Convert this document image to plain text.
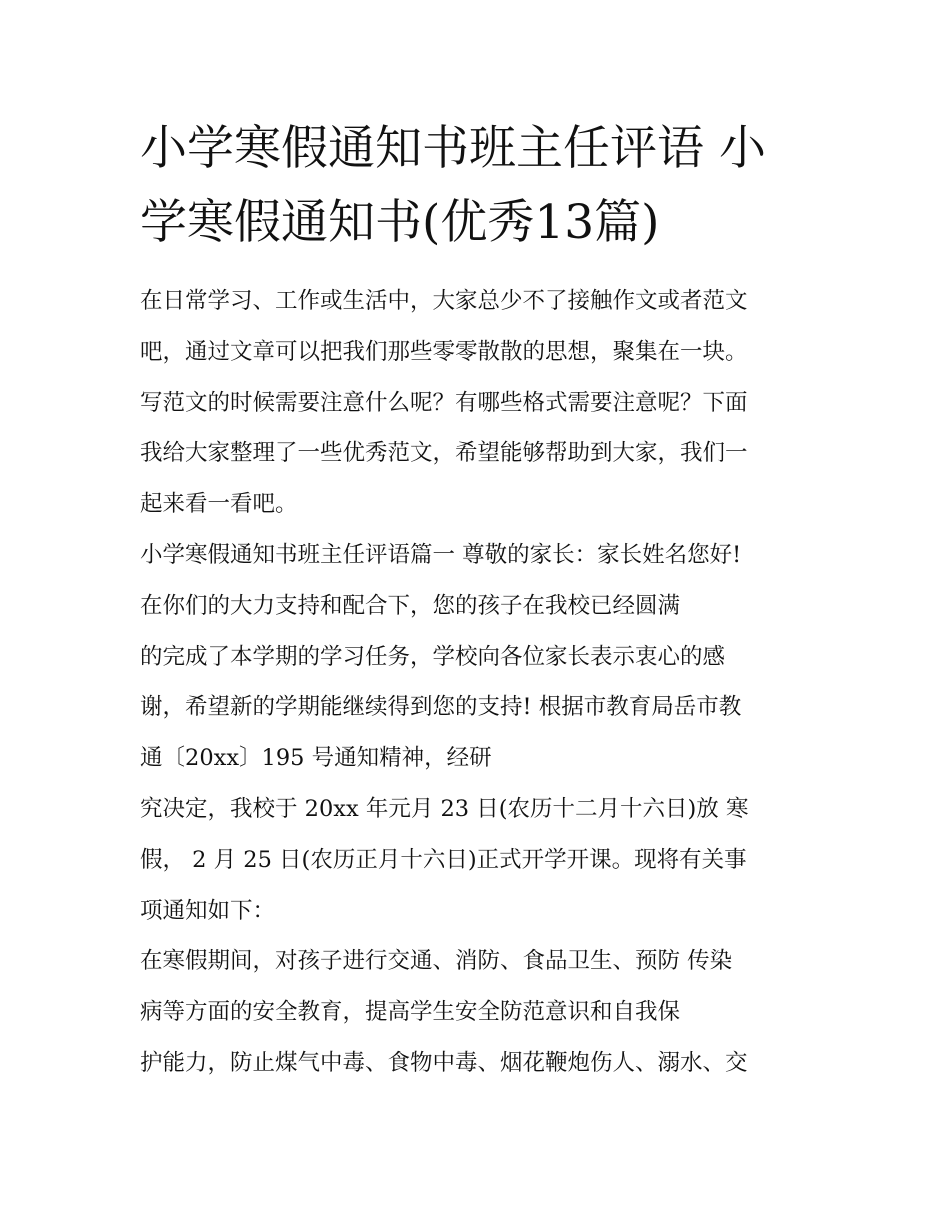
小学寒假通知书班主任评语 小
学寒假通知书(优秀13篇)
在日常学习、工作或生活中，大家总少不了接触作文或者范文
吧，通过文章可以把我们那些零零散散的思想，聚集在一块。
写范文的时候需要注意什么呢？有哪些格式需要注意呢？下面
我给大家整理了一些优秀范文，希望能够帮助到大家，我们一
起来看一看吧。
小学寒假通知书班主任评语篇一 尊敬的家长：家长姓名您好!
在你们的大力支持和配合下，您的孩子在我校已经圆满
的完成了本学期的学习任务，学校向各位家长表示衷心的感
谢，希望新的学期能继续得到您的支持! 根据市教育局岳市教
通〔20xx〕195 号通知精神，经研
究决定，我校于 20xx 年元月 23 日(农历十二月十六日)放 寒
假， 2 月 25 日(农历正月十六日)正式开学开课。现将有关事
项通知如下：
在寒假期间，对孩子进行交通、消防、食品卫生、预防 传染
病等方面的安全教育，提高学生安全防范意识和自我保
护能力，防止煤气中毒、食物中毒、烟花鞭炮伤人、溺水、交
